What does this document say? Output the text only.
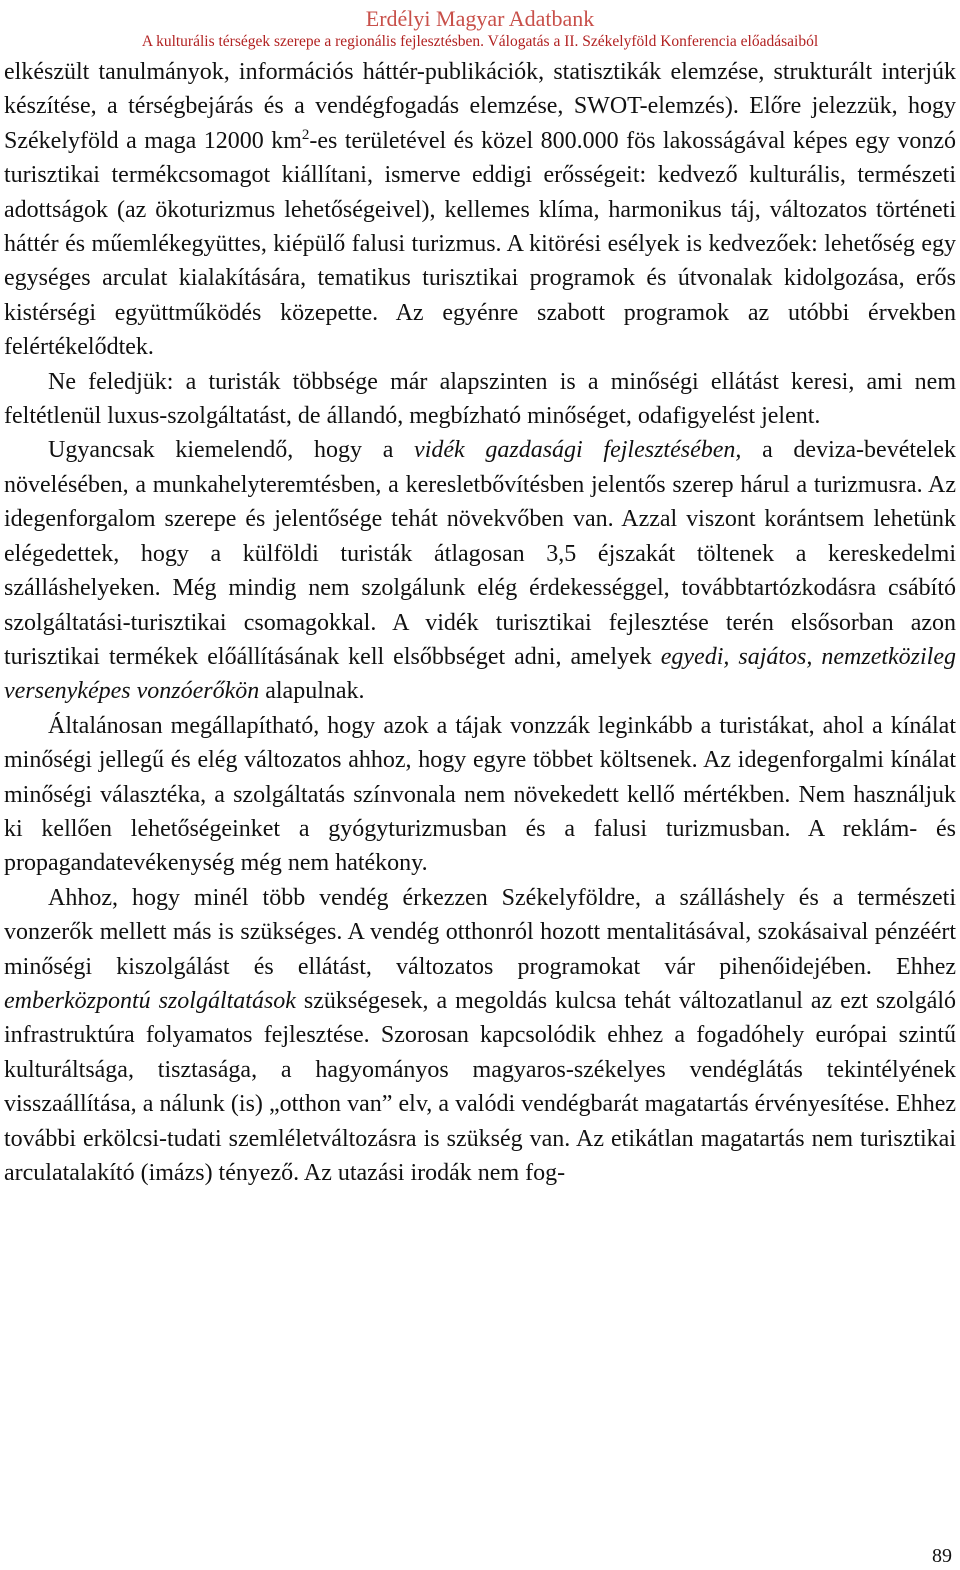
Erdélyi Magyar Adatbank
A kulturális térségek szerepe a regionális fejlesztésben. Válogatás a II. Székelyföld Konferencia előadásaiból

elkészült tanulmányok, információs háttér-publikációk, statisztikák elemzése, strukturált interjúk készítése, a térségbejárás és a vendégfogadás elemzése, SWOT-elemzés). Előre jelezzük, hogy Székelyföld a maga 12000 $km^2-es$ területével és közel 800.000 fös lakosságával képes egy vonzó turisztikai termékcsomagot kiállítani, ismerve eddigi erősségeit: kedvező kulturális, természeti adottságok (az ökoturizmus lehetőségeivel), kellemes klíma, harmonikus táj, változatos történeti háttér és műemlékegyüttes, kiépülő falusi turizmus. A kitörési esélyek is kedvezőek: lehetőség egy egységes arculat kialakítására, tematikus turisztikai programok és útvonalak kidolgozása, erős kistérségi együttműködés közepette. Az egyénre szabott programok az utóbbi érvekben felértékelődtek.

Ne feledjük: a turisták többsége már alapszinten is a minőségi ellátást keresi, ami nem feltétlenül luxus-szolgáltatást, de állandó, megbízható minőséget, odafigyelést jelent.

Ugyancsak kiemelendő, hogy a vidék gazdasági fejlesztésében, a deviza-bevételek növelésében, a munkahelyteremtésben, a keresletbővítésben jelentős szerep hárul a turizmusra. Az idegenforgalom szerepe és jelentősége tehát növekvőben van. Azzal viszont korántsem lehetünk elégedettek, hogy a külföldi turisták átlagosan 3,5 éjszakát töltenek a kereskedelmi szálláshelyeken. Még mindig nem szolgálunk elég érdekességgel, továbbtartózkodásra csábító szolgáltatási-turisztikai csomagokkal. A vidék turisztikai fejlesztése terén elsősorban azon turisztikai termékek előállításának kell elsőbbséget adni, amelyek egyedi, sajátos, nemzetközileg versenyképes vonzóerőkön alapulnak.

Általánosan megállapítható, hogy azok a tájak vonzzák leginkább a turistákat, ahol a kínálat minőségi jellegű és elég változatos ahhoz, hogy egyre többet költsenek. Az idegenforgalmi kínálat minőségi választéka, a szolgáltatás színvonala nem növekedett kellő mértékben. Nem használjuk ki kellően lehetőségeinket a gyógyturizmusban és a falusi turizmusban. A reklám- és propagandatevékenység még nem hatékony.

Ahhoz, hogy minél több vendég érkezzen Székelyföldre, a szálláshely és a természeti vonzerők mellett más is szükséges. A vendég otthonról hozott mentalitásával, szokásaival pénzéért minőségi kiszolgálást és ellátást, változatos programokat vár pihenőidejében. Ehhez emberközpontú szolgáltatások szükségesek, a megoldás kulcsa tehát változatlanul az ezt szolgáló infrastruktúra folyamatos fejlesztése. Szorosan kapcsolódik ehhez a fogadóhely európai szintű kulturáltsága, tisztasága, a hagyományos magyaros-székelyes vendéglátás tekintélyének visszaállítása, a nálunk (is) „otthon van” elv, a valódi vendégbarát magatartás érvényesítése. Ehhez további erkölcsi-tudati szemléletváltozásra is szükség van. Az etikátlan magatartás nem turisztikai arculatalakító (imázs) tényező. Az utazási irodák nem fog-

89
